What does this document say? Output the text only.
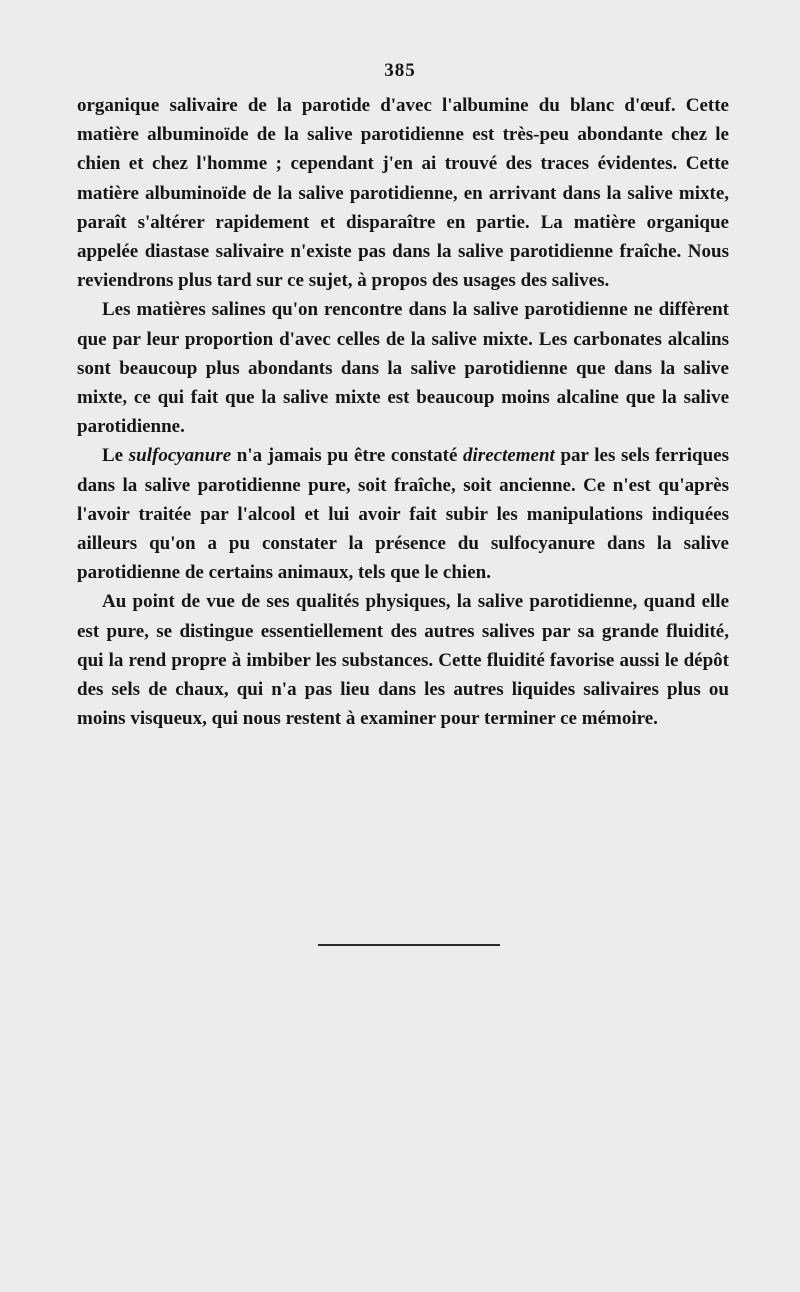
385

organique salivaire de la parotide d'avec l'albumine du blanc d'œuf. Cette matière albuminoïde de la salive parotidienne est très-peu abondante chez le chien et chez l'homme ; cependant j'en ai trouvé des traces évidentes. Cette matière albuminoïde de la salive parotidienne, en arrivant dans la salive mixte, paraît s'altérer rapidement et disparaître en partie. La matière organique appelée diastase salivaire n'existe pas dans la salive parotidienne fraîche. Nous reviendrons plus tard sur ce sujet, à propos des usages des salives.

Les matières salines qu'on rencontre dans la salive parotidienne ne diffèrent que par leur proportion d'avec celles de la salive mixte. Les carbonates alcalins sont beaucoup plus abondants dans la salive parotidienne que dans la salive mixte, ce qui fait que la salive mixte est beaucoup moins alcaline que la salive parotidienne.

Le sulfocyanure n'a jamais pu être constaté directement par les sels ferriques dans la salive parotidienne pure, soit fraîche, soit ancienne. Ce n'est qu'après l'avoir traitée par l'alcool et lui avoir fait subir les manipulations indiquées ailleurs qu'on a pu constater la présence du sulfocyanure dans la salive parotidienne de certains animaux, tels que le chien.

Au point de vue de ses qualités physiques, la salive parotidienne, quand elle est pure, se distingue essentiellement des autres salives par sa grande fluidité, qui la rend propre à imbiber les substances. Cette fluidité favorise aussi le dépôt des sels de chaux, qui n'a pas lieu dans les autres liquides salivaires plus ou moins visqueux, qui nous restent à examiner pour terminer ce mémoire.
